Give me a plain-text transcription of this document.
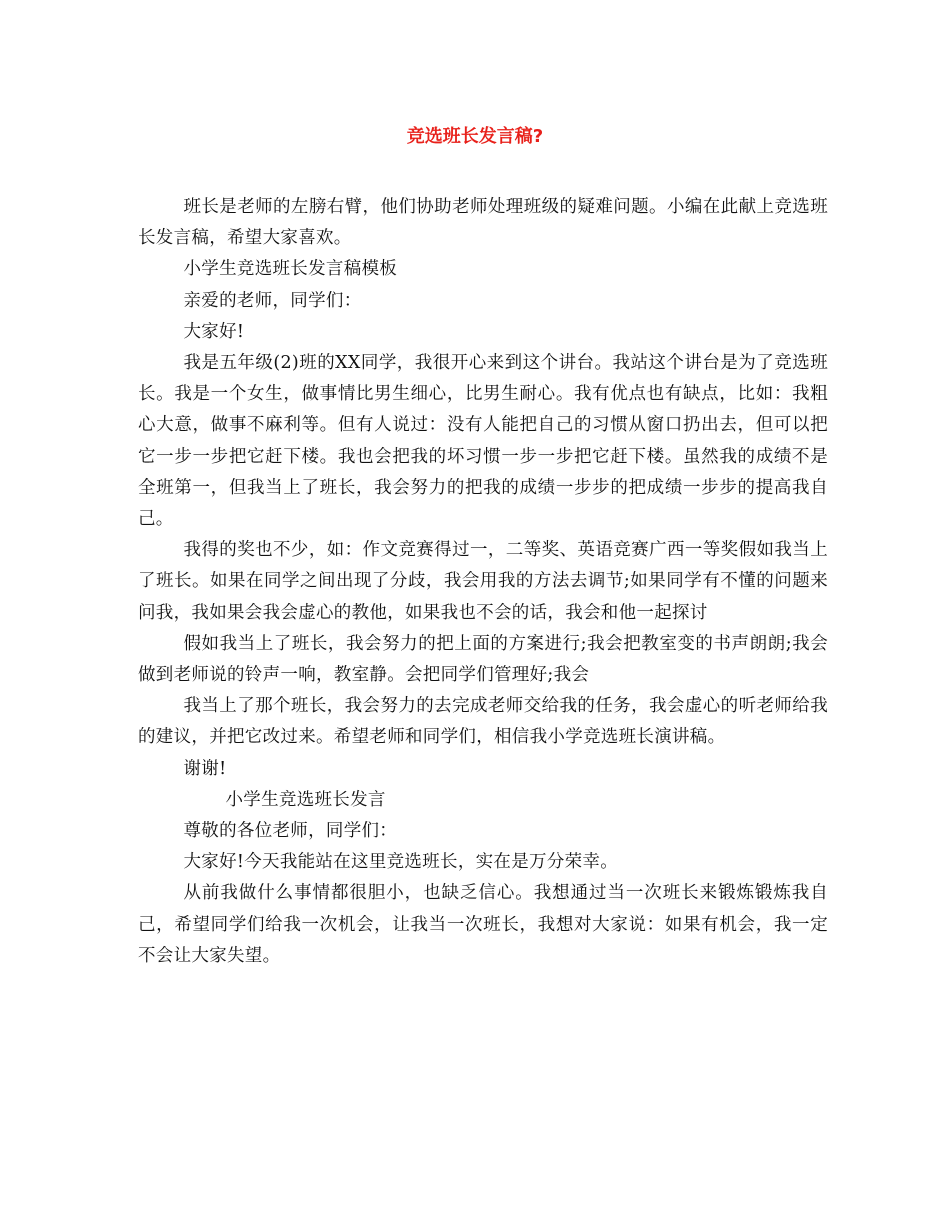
竞选班长发言稿?

班长是老师的左膀右臂，他们协助老师处理班级的疑难问题。小编在此献上竞选班长发言稿，希望大家喜欢。

小学生竞选班长发言稿模板

亲爱的老师，同学们：

大家好!

我是五年级(2)班的XX同学，我很开心来到这个讲台。我站这个讲台是为了竞选班长。我是一个女生，做事情比男生细心，比男生耐心。我有优点也有缺点，比如：我粗心大意，做事不麻利等。但有人说过：没有人能把自己的习惯从窗口扔出去，但可以把它一步一步把它赶下楼。我也会把我的坏习惯一步一步把它赶下楼。虽然我的成绩不是全班第一，但我当上了班长，我会努力的把我的成绩一步步的把成绩一步步的提高我自己。

我得的奖也不少，如：作文竞赛得过一，二等奖、英语竞赛广西一等奖假如我当上了班长。如果在同学之间出现了分歧，我会用我的方法去调节;如果同学有不懂的问题来问我，我如果会我会虚心的教他，如果我也不会的话，我会和他一起探讨

假如我当上了班长，我会努力的把上面的方案进行;我会把教室变的书声朗朗;我会做到老师说的铃声一响，教室静。会把同学们管理好;我会

我当上了那个班长，我会努力的去完成老师交给我的任务，我会虚心的听老师给我的建议，并把它改过来。希望老师和同学们，相信我小学竞选班长演讲稿。

谢谢!

小学生竞选班长发言

尊敬的各位老师，同学们：

大家好!今天我能站在这里竞选班长，实在是万分荣幸。

从前我做什么事情都很胆小，也缺乏信心。我想通过当一次班长来锻炼锻炼我自己，希望同学们给我一次机会，让我当一次班长，我想对大家说：如果有机会，我一定不会让大家失望。
